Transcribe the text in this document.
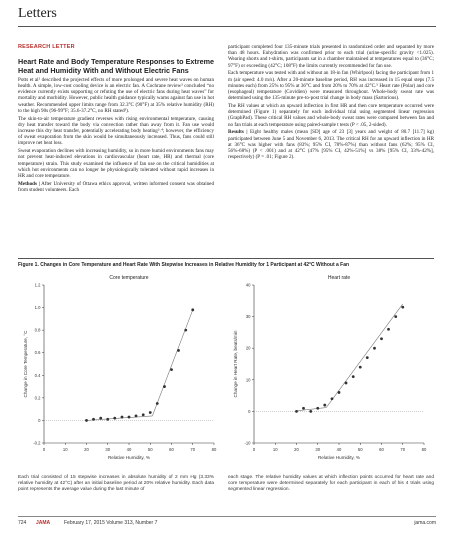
Letters
RESEARCH LETTER
Heart Rate and Body Temperature Responses to Extreme Heat and Humidity With and Without Electric Fans

Potts et al¹ described the projected effects of more prolonged and severe heat waves on human health. A simple, low-cost cooling device is an electric fan. A Cochrane review² concluded “no evidence currently exists supporting or refuting the use of electric fans during heat waves” for mortality and morbidity. However, public health guidance typically warns against fan use in hot weather. Recommended upper limits range from 32.3°C (90°F) at 35% relative humidity (RH) to the high 90s (96-99°F; 35.6-37.2°C, no RH stated³).

The skin-to-air temperature gradient reverses with rising environmental temperature, causing dry heat transfer toward the body via convection rather than away from it. Fan use would increase this dry heat transfer, potentially accelerating body heating³˒⁴; however, the efficiency of sweat evaporation from the skin would be simultaneously increased. Thus, fans could still improve net heat loss.

Sweat evaporation declines with increasing humidity, so in more humid environments fans may not prevent heat-induced elevations in cardiovascular (heart rate, HR) and thermal (core temperature) strain. This study examined the influence of fan use on the critical humidities at which hot environments can no longer be physiologically tolerated without rapid increases in HR and core temperature.

Methods | After University of Ottawa ethics approval, written informed consent was obtained from student volunteers. Each

participant completed four 135-minute trials presented in randomized order and separated by more than 48 hours. Euhydration was confirmed prior to each trial (urine-specific gravity <1.025). Wearing shorts and t-shirts, participants sat in a chamber maintained at temperatures equal to (36°C; 97°F) or exceeding (42°C; 108°F) the limits currently recommended for fan use.

Each temperature was tested with and without an 18-in fan (Whirlpool) facing the participant from 1 m (air speed: 4.0 m/s). After a 20-minute baseline period, RH was increased in 15 equal steps (7.5 minutes each) from 25% to 95% at 36°C and from 20% to 70% at 42°C.⁵ Heart rate (Polar) and core (esophageal) temperature (Covidien) were measured throughout. Whole-body sweat rate was determined using the 135-minute pre-to-post trial change in body mass (Sartorious).

The RH values at which an upward inflection in first HR and then core temperature occurred were determined (Figure 1) separately for each individual trial using segmented linear regression (GraphPad). These critical RH values and whole-body sweat rates were compared between fan and no fan trials at each temperature using paired-sample t tests (P < .05, 2-sided).

Results | Eight healthy males (mean [SD] age of 23 [3] years and weight of 80.7 [11.7] kg) participated between June 5 and November 6, 2013. The critical RH for an upward inflection in HR at 36°C was higher with fans (83%; 95% CI, 78%-87%) than without fans (62%; 95% CI, 56%-68%) (P < .001) and at 42°C (47% [95% CI, 42%-51%] vs 38% [95% CI, 33%-42%], respectively) (P = .01; Figure 2).

Figure 1. Changes in Core Temperature and Heart Rate With Stepwise Increases in Relative Humidity for 1 Participant at 42°C Without a Fan
Core temperature
0	10	20	30	40	50	60	70	80
-0.2
0
0.2
0.4
0.6
0.8
1.0
1.2
Relative Humidity, %
Change in Core Temperature, °C
Heart rate
0	10	20	30	40	50	60	70	80
-10
0
10
20
30
40
Relative Humidity, %
Change in Heart Rate, beats/min
Each trial consisted of 15 stepwise increases in absolute humidity of 2 mm Hg (3.33% relative humidity at 42°C) after an initial baseline period at 20% relative humidity. Each data point represents the average value during the last minute of
each stage. The relative humidity values at which inflection points occurred for heart rate and core temperature were determined separately for each participant in each of his 4 trials using segmented linear regression.
724 JAMA	February 17, 2015 Volume 313, Number 7	jama.com
